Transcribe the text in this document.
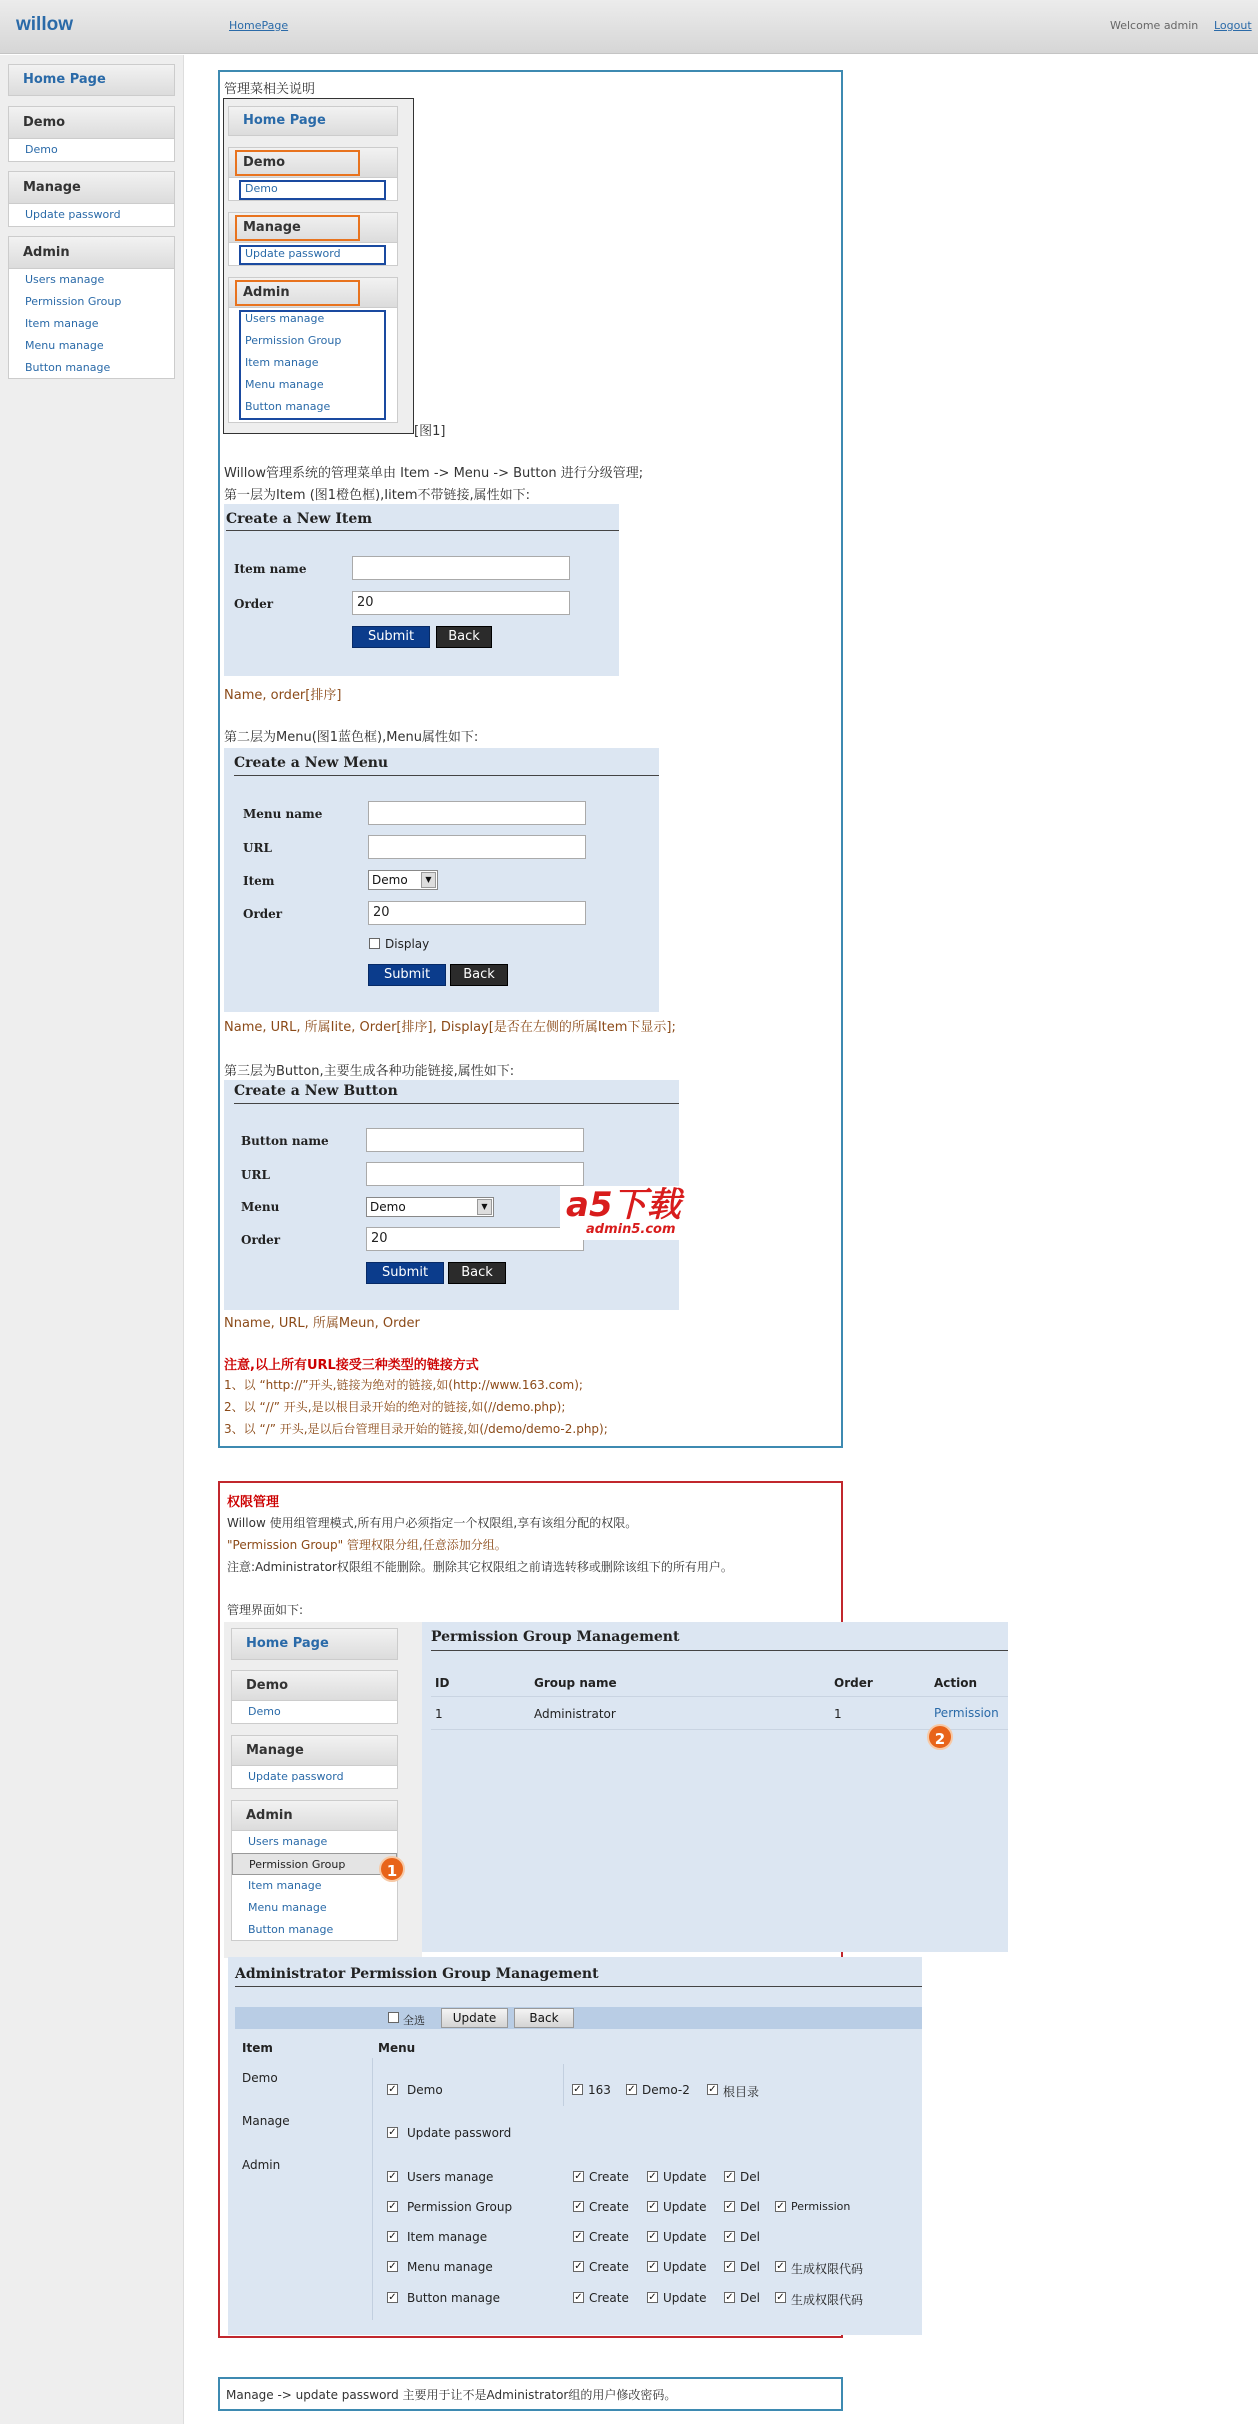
willow	HomePage	Welcome admin Logout
Home Page
Demo
Demo
Manage
Update password
Admin
Users manage
Permission Group
Item manage
Menu manage
Button manage
管理菜相关说明
Home Page
Demo
Demo
Manage
Update password
Admin
Users manage
Permission Group
Item manage
Menu manage
Button manage
[图1]
Willow管理系统的管理菜单由 Item -> Menu -> Button 进行分级管理;
第一层为Item (图1橙色框),Iitem不带链接,属性如下:
Create a New Item
Item name
Order	20
Submit	Back
Name, order[排序]
第二层为Menu(图1蓝色框),Menu属性如下:
Create a New Menu
Menu name
URL
Item	Demo	▼
Order	20
Display
Submit	Back
Name, URL, 所属Iite, Order[排序], Display[是否在左侧的所属Item下显示];
第三层为Button,主要生成各种功能链接,属性如下:
Create a New Button
Button name
URL
Menu	Demo	▼
Order	20
Submit	Back
a5下载
admin5.com
Nname, URL, 所属Meun, Order
注意,以上所有URL接受三种类型的链接方式
1、以 “http://”开头,链接为绝对的链接,如(http://www.163.com);
2、以 “//” 开头,是以根目录开始的绝对的链接,如(//demo.php);
3、以 “/” 开头,是以后台管理目录开始的链接,如(/demo/demo-2.php);
权限管理
Willow 使用组管理模式,所有用户必须指定一个权限组,享有该组分配的权限。
"Permission Group" 管理权限分组,任意添加分组。
注意:Administrator权限组不能删除。删除其它权限组之前请选转移或删除该组下的所有用户。
管理界面如下:
Home Page
Demo
Demo
Manage
Update password
Admin
Users manage
Permission Group
Item manage
Menu manage
Button manage
1
Permission Group Management
ID	Group name	Order	Action
1	Administrator	1	Permission
2
Administrator Permission Group Management
全选	Update	Back
Item	Menu
Demo
✓ Demo	✓ 163 ✓ Demo-2 ✓ 根目录
Manage
✓ Update password
Admin
✓ Users manage	✓ Create ✓ Update ✓ Del
✓ Permission Group	✓ Create ✓ Update ✓ Del ✓ Permission
✓ Item manage	✓ Create ✓ Update ✓ Del
✓ Menu manage	✓ Create ✓ Update ✓ Del ✓ 生成权限代码
✓ Button manage	✓ Create ✓ Update ✓ Del ✓ 生成权限代码
Manage -> update password 主要用于让不是Administrator组的用户修改密码。
